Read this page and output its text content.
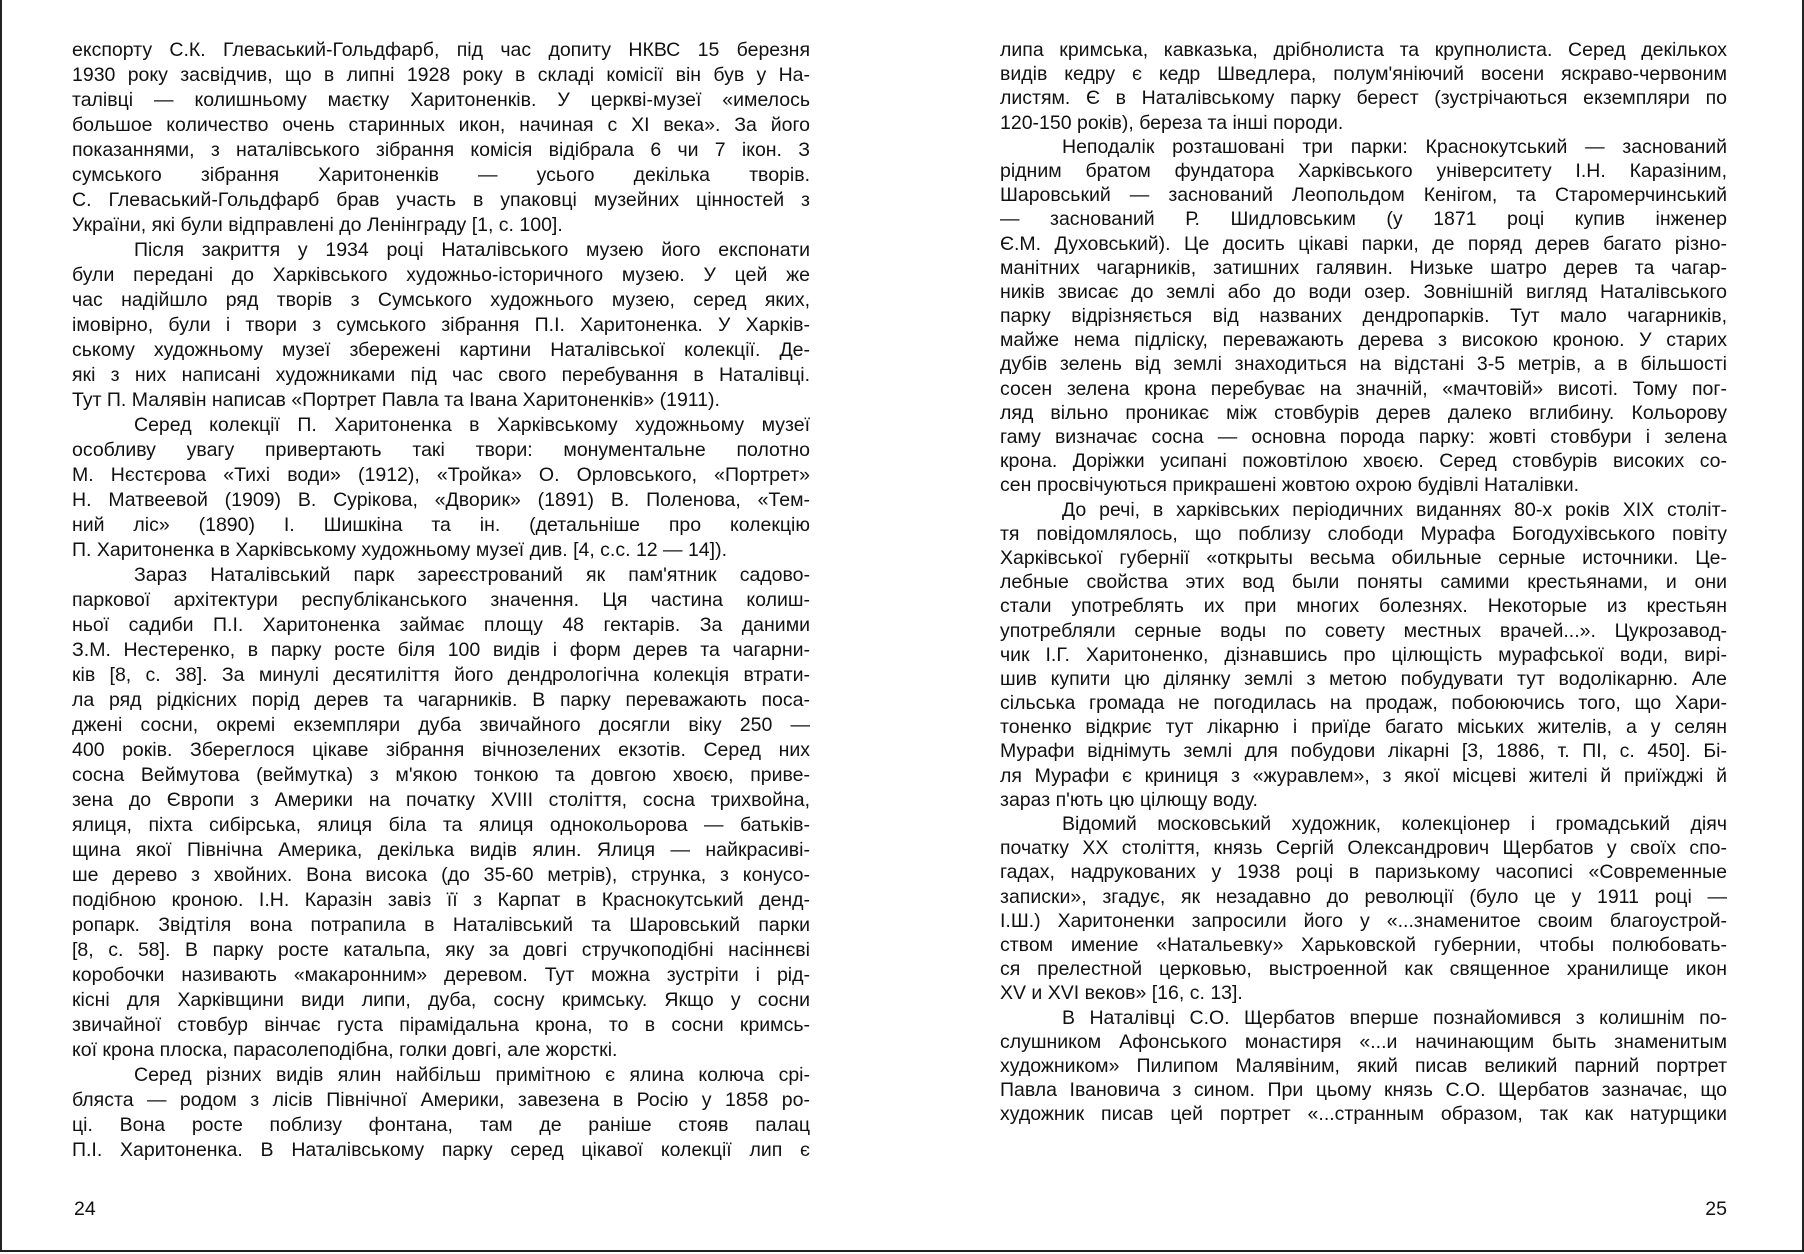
експорту С.К. Глеваський-Гольдфарб, під час допиту НКВС 15 березня
1930 року засвідчив, що в липні 1928 року в складі комісії він був у На-
талівці — колишньому маєтку Харитоненків. У церкві-музеї «имелось
большое количество очень старинных икон, начиная с XI века». За його
показаннями, з наталівського зібрання комісія відібрала 6 чи 7 ікон. З
сумського зібрання Харитоненків — усього декілька творів.
С. Глеваський-Гольдфарб брав участь в упаковці музейних цінностей з
України, які були відправлені до Ленінграду [1, с. 100].
Після закриття у 1934 році Наталівського музею його експонати
були передані до Харківського художньо-історичного музею. У цей же
час надійшло ряд творів з Сумського художнього музею, серед яких,
імовірно, були і твори з сумського зібрання П.І. Харитоненка. У Харків-
ському художньому музеї збережені картини Наталівської колекції. Де-
які з них написані художниками під час свого перебування в Наталівці.
Тут П. Малявін написав «Портрет Павла та Івана Харитоненків» (1911).
Серед колекції П. Харитоненка в Харківському художньому музеї
особливу увагу привертають такі твори: монументальне полотно
М. Нєстєрова «Тихі води» (1912), «Тройка» О. Орловського, «Портрет»
Н. Матвеевой (1909) В. Сурікова, «Дворик» (1891) В. Поленова, «Тем-
ний ліс» (1890) І. Шишкіна та ін. (детальніше про колекцію
П. Харитоненка в Харківському художньому музеї див. [4, с.с. 12 — 14]).
Зараз Наталівський парк зареєстрований як пам'ятник садово-
паркової архітектури республіканського значення. Ця частина колиш-
ньої садиби П.І. Харитоненка займає площу 48 гектарів. За даними
З.М. Нестеренко, в парку росте біля 100 видів і форм дерев та чагарни-
ків [8, с. 38]. За минулі десятиліття його дендрологічна колекція втрати-
ла ряд рідкісних порід дерев та чагарників. В парку переважають поса-
джені сосни, окремі екземпляри дуба звичайного досягли віку 250 —
400 років. Збереглося цікаве зібрання вічнозелених екзотів. Серед них
сосна Веймутова (веймутка) з м'якою тонкою та довгою хвоєю, приве-
зена до Європи з Америки на початку XVIII століття, сосна трихвойна,
ялиця, піхта сибірська, ялиця біла та ялиця однокольорова — батьків-
щина якої Північна Америка, декілька видів ялин. Ялиця — найкрасиві-
ше дерево з хвойних. Вона висока (до 35-60 метрів), струнка, з конусо-
подібною кроною. І.Н. Каразін завіз її з Карпат в Краснокутський денд-
ропарк. Звідтіля вона потрапила в Наталівський та Шаровський парки
[8, с. 58]. В парку росте катальпа, яку за довгі стручкоподібні насіннєві
коробочки називають «макаронним» деревом. Тут можна зустріти і рід-
кісні для Харківщини види липи, дуба, сосну кримську. Якщо у сосни
звичайної стовбур вінчає густа пірамідальна крона, то в сосни кримсь-
кої крона плоска, парасолеподібна, голки довгі, але жорсткі.
Серед різних видів ялин найбільш примітною є ялина колюча срі-
бляста — родом з лісів Північної Америки, завезена в Росію у 1858 ро-
ці. Вона росте поблизу фонтана, там де раніше стояв палац
П.І. Харитоненка. В Наталівському парку серед цікавої колекції лип є
липа кримська, кавказька, дрібнолиста та крупнолиста. Серед декількох
видів кедру є кедр Шведлера, полум'яніючий восени яскраво-червоним
листям. Є в Наталівському парку берест (зустрічаються екземпляри по
120-150 років), береза та інші породи.
Неподалік розташовані три парки: Краснокутський — заснований
рідним братом фундатора Харківського університету І.Н. Каразіним,
Шаровський — заснований Леопольдом Кенігом, та Старомерчинський
— заснований Р. Шидловським (у 1871 році купив інженер
Є.М. Духовський). Це досить цікаві парки, де поряд дерев багато різно-
манітних чагарників, затишних галявин. Низьке шатро дерев та чагар-
ників звисає до землі або до води озер. Зовнішній вигляд Наталівського
парку відрізняється від названих дендропарків. Тут мало чагарників,
майже нема підліску, переважають дерева з високою кроною. У старих
дубів зелень від землі знаходиться на відстані 3-5 метрів, а в більшості
сосен зелена крона перебуває на значній, «мачтовій» висоті. Тому пог-
ляд вільно проникає між стовбурів дерев далеко вглибину. Кольорову
гаму визначає сосна — основна порода парку: жовті стовбури і зелена
крона. Доріжки усипані пожовтілою хвоєю. Серед стовбурів високих со-
сен просвічуються прикрашені жовтою охрою будівлі Наталівки.
До речі, в харківських періодичних виданнях 80-х років XIX століт-
тя повідомлялось, що поблизу слободи Мурафа Богодухівського повіту
Харківської губернії «открыты весьма обильные серные источники. Це-
лебные свойства этих вод были поняты самими крестьянами, и они
стали употреблять их при многих болезнях. Некоторые из крестьян
употребляли серные воды по совету местных врачей...». Цукрозавод-
чик І.Г. Харитоненко, дізнавшись про цілющість мурафської води, вирі-
шив купити цю ділянку землі з метою побудувати тут водолікарню. Але
сільська громада не погодилась на продаж, побоюючись того, що Хари-
тоненко відкриє тут лікарню і приїде багато міських жителів, а у селян
Мурафи віднімуть землі для побудови лікарні [3, 1886, т. ПІ, с. 450]. Бі-
ля Мурафи є криниця з «журавлем», з якої місцеві жителі й приїжджі й
зараз п'ють цю цілющу воду.
Відомий московський художник, колекціонер і громадський діяч
початку XX століття, князь Сергій Олександрович Щербатов у своїх спо-
гадах, надрукованих у 1938 році в паризькому часописі «Современные
записки», згадує, як незадавно до революції (було це у 1911 році —
І.Ш.) Харитоненки запросили його у «...знаменитое своим благоустрой-
ством имение «Натальевку» Харьковской губернии, чтобы полюбовать-
ся прелестной церковью, выстроенной как священное хранилище икон
XV и XVI веков» [16, с. 13].
В Наталівці С.О. Щербатов вперше познайомився з колишнім по-
слушником Афонського монастиря «...и начинающим быть знаменитым
художником» Пилипом Малявіним, який писав великий парний портрет
Павла Івановича з сином. При цьому князь С.О. Щербатов зазначає, що
художник писав цей портрет «...странным образом, так как натурщики
24	25
